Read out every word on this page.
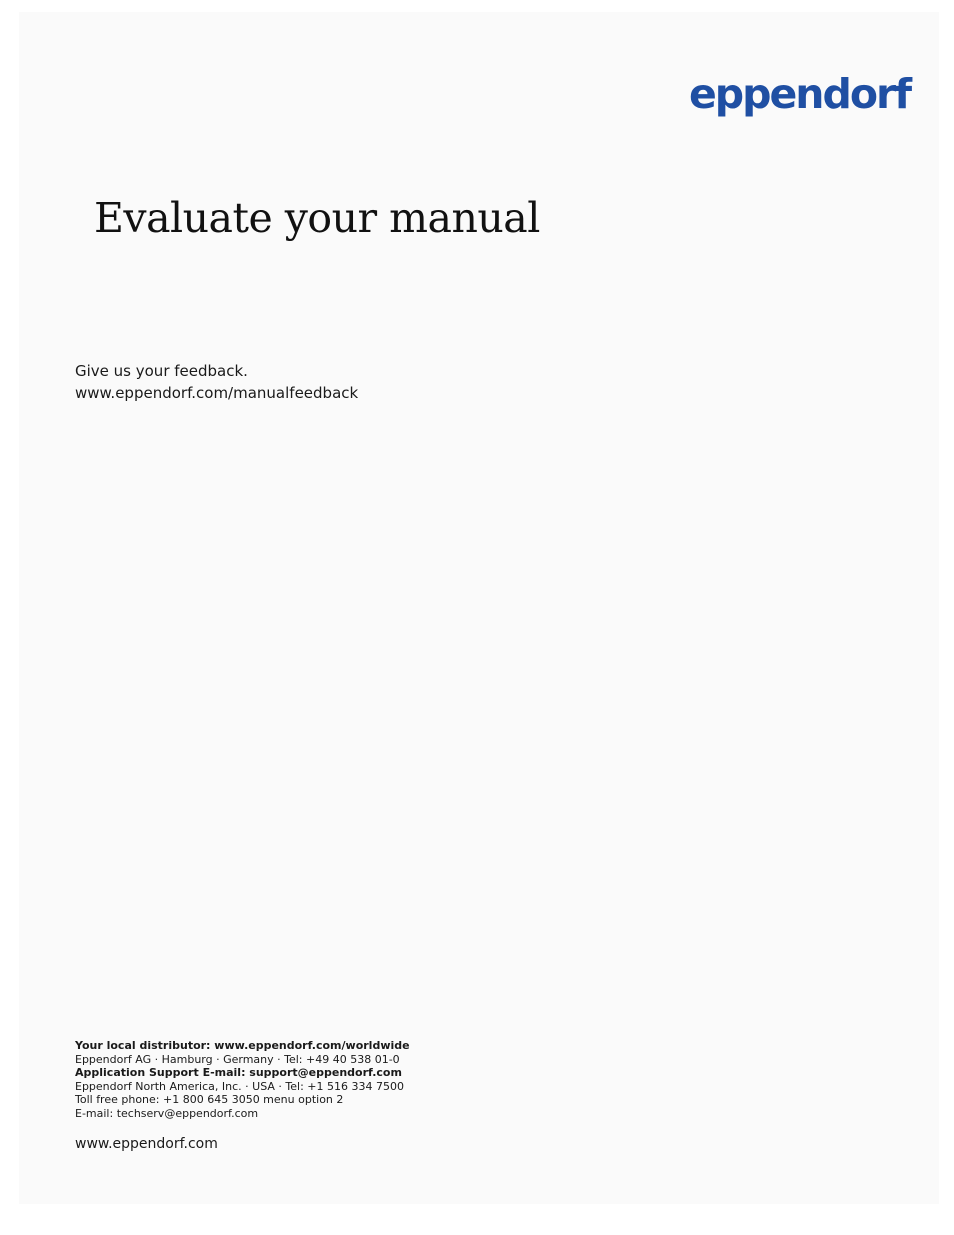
eppendorf
Evaluate your manual
Give us your feedback.
www.eppendorf.com/manualfeedback
Your local distributor: www.eppendorf.com/worldwide
Eppendorf AG · Hamburg · Germany · Tel: +49 40 538 01-0
Application Support E-mail: support@eppendorf.com
Eppendorf North America, Inc. · USA · Tel: +1 516 334 7500
Toll free phone: +1 800 645 3050 menu option 2
E-mail: techserv@eppendorf.com
www.eppendorf.com
